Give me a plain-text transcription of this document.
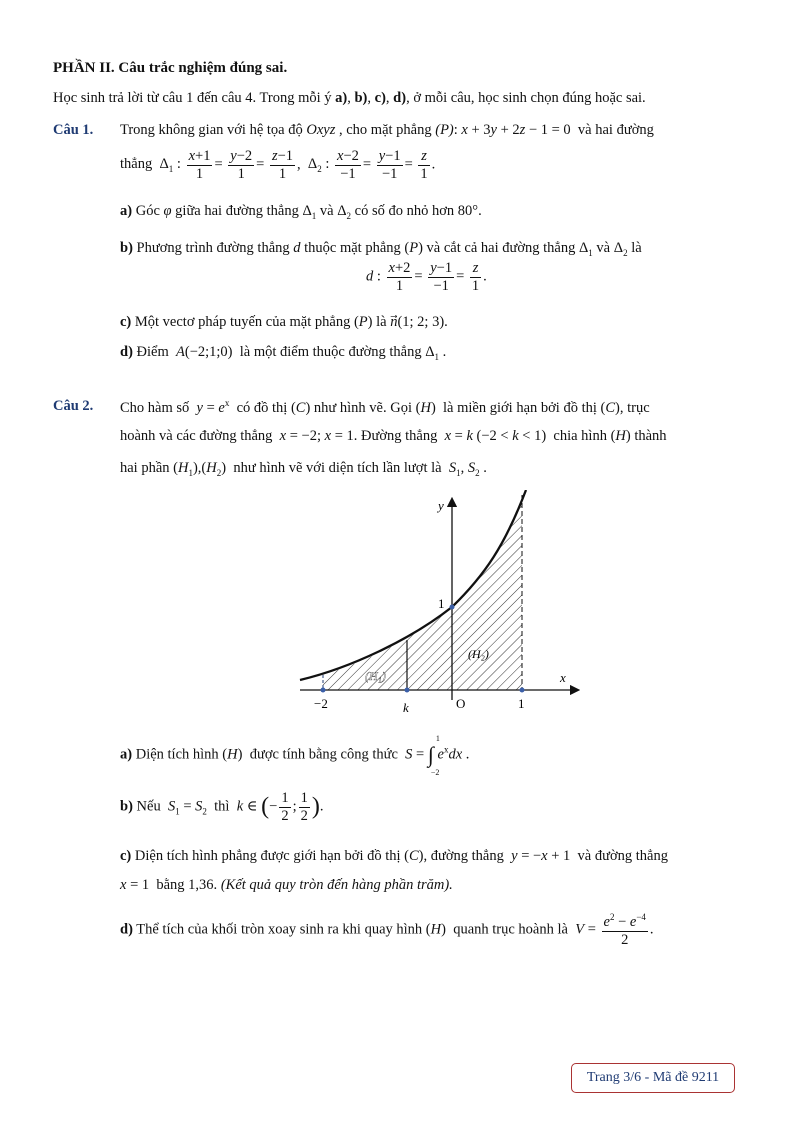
PHẦN II. Câu trắc nghiệm đúng sai.
Học sinh trả lời từ câu 1 đến câu 4. Trong mỗi ý a), b), c), d), ở mỗi câu, học sinh chọn đúng hoặc sai.
Câu 1. Trong không gian với hệ tọa độ Oxyz , cho mặt phẳng (P): x + 3y + 2z − 1 = 0  và hai đường
thẳng  $\Delta_1$ : $\frac{x+1}{1} = \frac{y-2}{1} = \frac{z-1}{1}$ ,  $\Delta_2$ : $\frac{x-2}{-1} = \frac{y-1}{-1} = \frac{z}{1}$ .
a) Góc φ giữa hai đường thẳng $\Delta_1$ và $\Delta_2$ có số đo nhỏ hơn 80°.
b) Phương trình đường thẳng d thuộc mặt phẳng (P) và cắt cả hai đường thẳng $\Delta_1$ và $\Delta_2$ là
d : $\frac{x+2}{1} = \frac{y-1}{-1} = \frac{z}{1}$ .
c) Một vectơ pháp tuyến của mặt phẳng (P) là n⃗(1; 2; 3).
d) Điểm  A(−2;1;0)  là một điểm thuộc đường thẳng $\Delta_1$ .
Câu 2. Cho hàm số  $y = e^x$  có đồ thị (C) như hình vẽ. Gọi (H)  là miền giới hạn bởi đồ thị (C), trục
hoành và các đường thẳng  x = −2; x = 1. Đường thẳng  x = k (−2 < k < 1)  chia hình (H) thành
hai phần $(H_1),(H_2)$  như hình vẽ với diện tích lần lượt là  $S_1$, $S_2$ .
y
x
1
(H₁)
(H₂)
−2	k	O	1
a) Diện tích hình (H)  được tính bằng công thức  S = ∫
1
−2
$e^xdx$ .
b) Nếu  $S_1 = S_2$  thì  k ∈ (− $\frac{1}{2}$ ; $\frac{1}{2}$ ).
c) Diện tích hình phẳng được giới hạn bởi đồ thị (C), đường thẳng  y = −x + 1  và đường thẳng
x = 1  bằng 1,36. (Kết quả quy tròn đến hàng phần trăm).
d) Thể tích của khối tròn xoay sinh ra khi quay hình (H)  quanh trục hoành là  $V = \frac{e^2 - e^{-4}}{2}$ .
Trang 3/6 - Mã đề 9211
